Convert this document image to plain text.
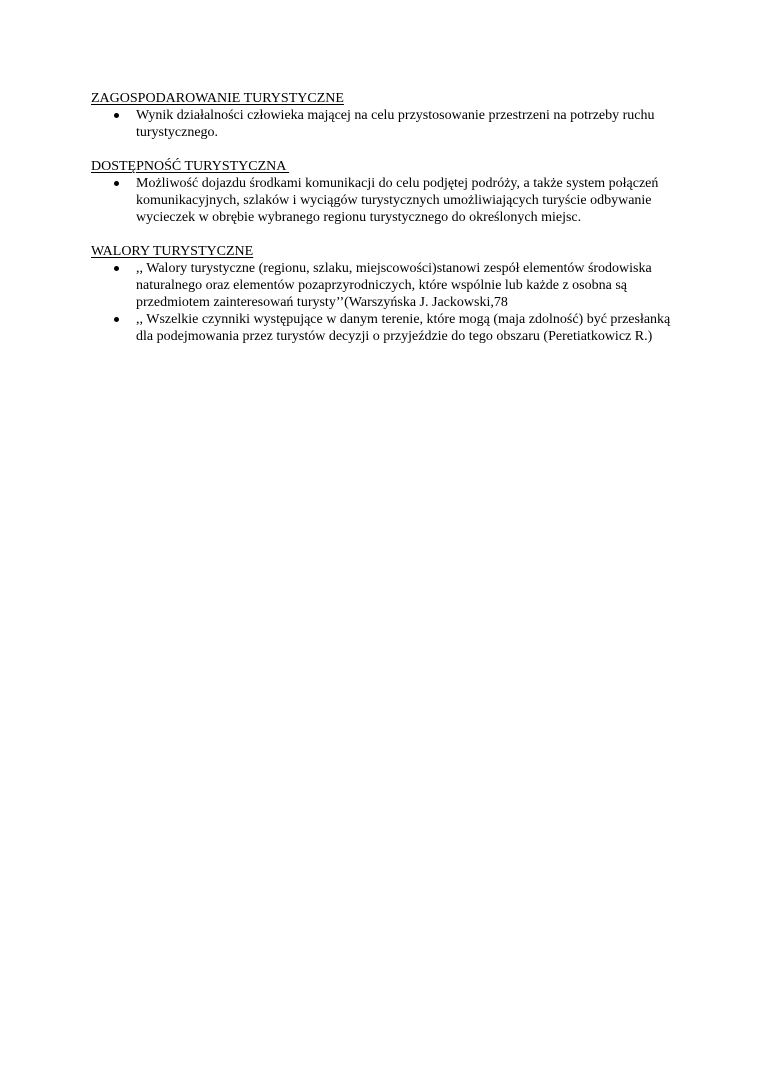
ZAGOSPODAROWANIE TURYSTYCZNE

Wynik działalności człowieka mającej na celu przystosowanie przestrzeni na potrzeby ruchu turystycznego.

DOSTĘPNOŚĆ TURYSTYCZNA

Możliwość dojazdu środkami komunikacji do celu podjętej podróży, a także system połączeń komunikacyjnych, szlaków i wyciągów turystycznych umożliwiających turyście odbywanie wycieczek w obrębie wybranego regionu turystycznego do określonych miejsc.

WALORY TURYSTYCZNE

,, Walory turystyczne (regionu, szlaku, miejscowości)stanowi zespół elementów środowiska naturalnego oraz elementów pozaprzyrodniczych, które wspólnie lub każde z osobna są przedmiotem zainteresowań turysty’’(Warszyńska J. Jackowski,78
,, Wszelkie czynniki występujące w danym terenie, które mogą (maja zdolność) być przesłanką dla podejmowania przez turystów decyzji o przyjeździe do tego obszaru (Peretiatkowicz R.)
